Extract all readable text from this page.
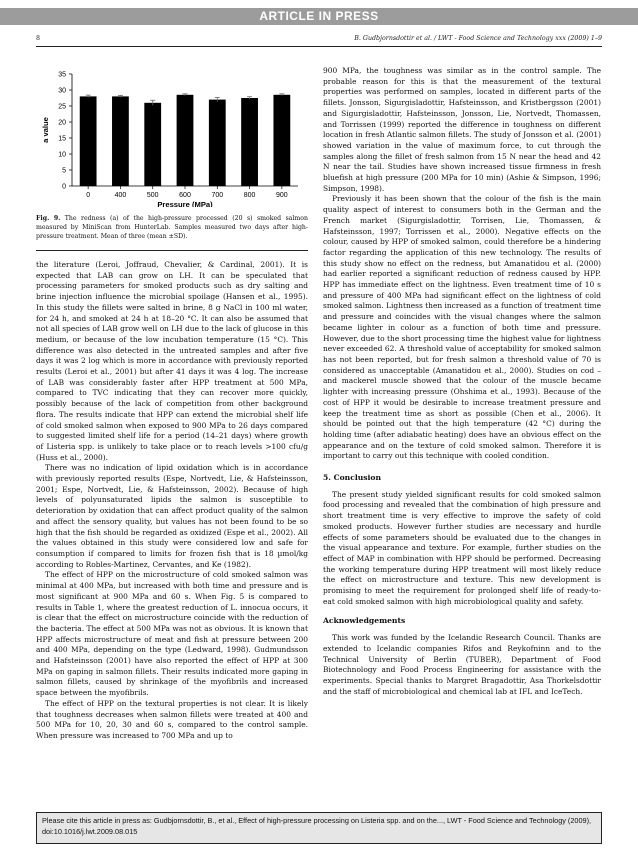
ARTICLE IN PRESS
8	B. Gudbjornsdottir et al. / LWT - Food Science and Technology xxx (2009) 1–9
0
5
10
15
20
25
30
35
0	400	500	600	700	800	900
Pressure (MPa)
a value
Fig. 9. The redness (a) of the high-pressure processed (20 s) smoked salmon measured by MiniScan from HunterLab. Samples measured two days after high-pressure treatment. Mean of three (mean ±SD).

the literature (Leroi, Joffraud, Chevalier, & Cardinal, 2001). It is expected that LAB can grow on LH. It can be speculated that processing parameters for smoked products such as dry salting and brine injection influence the microbial spoilage (Hansen et al., 1995). In this study the fillets were salted in brine, 8 g NaCl in 100 ml water, for 24 h, and smoked at 24 h at 18–20 °C. It can also be assumed that not all species of LAB grow well on LH due to the lack of glucose in this medium, or because of the low incubation temperature (15 °C). This difference was also detected in the untreated samples and after five days it was 2 log which is more in accordance with previously reported results (Leroi et al., 2001) but after 41 days it was 4 log. The increase of LAB was considerably faster after HPP treatment at 500 MPa, compared to TVC indicating that they can recover more quickly, possibly because of the lack of competition from other background flora. The results indicate that HPP can extend the microbial shelf life of cold smoked salmon when exposed to 900 MPa to 26 days compared to suggested limited shelf life for a period (14–21 days) where growth of Listeria spp. is unlikely to take place or to reach levels >100 cfu/g (Huss et al., 2000).

There was no indication of lipid oxidation which is in accordance with previously reported results (Espe, Nortvedt, Lie, & Hafsteinsson, 2001; Espe, Nortvedt, Lie, & Hafsteinsson, 2002). Because of high levels of polyunsaturated lipids the salmon is susceptible to deterioration by oxidation that can affect product quality of the salmon and affect the sensory quality, but values has not been found to be so high that the fish should be regarded as oxidized (Espe et al., 2002). All the values obtained in this study were considered low and safe for consumption if compared to limits for frozen fish that is 18 µmol/kg according to Robles-Martinez, Cervantes, and Ke (1982).

The effect of HPP on the microstructure of cold smoked salmon was minimal at 400 MPa, but increased with both time and pressure and is most significant at 900 MPa and 60 s. When Fig. 5 is compared to results in Table 1, where the greatest reduction of L. innocua occurs, it is clear that the effect on microstructure coincide with the reduction of the bacteria. The effect at 500 MPa was not as obvious. It is known that HPP affects microstructure of meat and fish at pressure between 200 and 400 MPa, depending on the type (Ledward, 1998). Gudmundsson and Hafsteinsson (2001) have also reported the effect of HPP at 300 MPa on gaping in salmon fillets. Their results indicated more gaping in salmon fillets, caused by shrinkage of the myofibrils and increased space between the myofibrils.

The effect of HPP on the textural properties is not clear. It is likely that toughness decreases when salmon fillets were treated at 400 and 500 MPa for 10, 20, 30 and 60 s, compared to the control sample. When pressure was increased to 700 MPa and up to

900 MPa, the toughness was similar as in the control sample. The probable reason for this is that the measurement of the textural properties was performed on samples, located in different parts of the fillets. Jonsson, Sigurgisladottir, Hafsteinsson, and Kristbergsson (2001) and Sigurgisladottir, Hafsteinsson, Jonsson, Lie, Nortvedt, Thomassen, and Torrissen (1999) reported the difference in toughness on different location in fresh Atlantic salmon fillets. The study of Jonsson et al. (2001) showed variation in the value of maximum force, to cut through the samples along the fillet of fresh salmon from 15 N near the head and 42 N near the tail. Studies have shown increased tissue firmness in fresh bluefish at high pressure (200 MPa for 10 min) (Ashie & Simpson, 1996; Simpson, 1998).

Previously it has been shown that the colour of the fish is the main quality aspect of interest to consumers both in the German and the French market (Sigurgisladottir, Torrisen, Lie, Thomassen, & Hafsteinsson, 1997; Torrissen et al., 2000). Negative effects on the colour, caused by HPP of smoked salmon, could therefore be a hindering factor regarding the application of this new technology. The results of this study show no effect on the redness, but Amanatidou et al. (2000) had earlier reported a significant reduction of redness caused by HPP. HPP has immediate effect on the lightness. Even treatment time of 10 s and pressure of 400 MPa had significant effect on the lightness of cold smoked salmon. Lightness then increased as a function of treatment time and pressure and coincides with the visual changes where the salmon became lighter in colour as a function of both time and pressure. However, due to the short processing time the highest value for lightness never exceeded 62. A threshold value of acceptability for smoked salmon has not been reported, but for fresh salmon a threshold value of 70 is considered as unacceptable (Amanatidou et al., 2000). Studies on cod – and mackerel muscle showed that the colour of the muscle became lighter with increasing pressure (Ohshima et al., 1993). Because of the cost of HPP it would be desirable to increase treatment pressure and keep the treatment time as short as possible (Chen et al., 2006). It should be pointed out that the high temperature (42 °C) during the holding time (after adiabatic heating) does have an obvious effect on the appearance and on the texture of cold smoked salmon. Therefore it is important to carry out this technique with cooled condition.

5. Conclusion

The present study yielded significant results for cold smoked salmon food processing and revealed that the combination of high pressure and short treatment time is very effective to improve the safety of cold smoked products. However further studies are necessary and hurdle effects of some parameters should be evaluated due to the changes in the visual appearance and texture. For example, further studies on the effect of MAP in combination with HPP should be performed. Decreasing the working temperature during HPP treatment will most likely reduce the effect on microstructure and texture. This new development is promising to meet the requirement for prolonged shelf life of ready-to-eat cold smoked salmon with high microbiological quality and safety.

Acknowledgements

This work was funded by the Icelandic Research Council. Thanks are extended to Icelandic companies Rifos and Reykofninn and to the Technical University of Berlin (TUBER), Department of Food Biotechnology and Food Process Engineering for assistance with the experiments. Special thanks to Margret Bragadottir, Asa Thorkelsdottir and the staff of microbiological and chemical lab at IFL and IceTech.

Please cite this article in press as: Gudbjornsdottir, B., et al., Effect of high-pressure processing on Listeria spp. and on the..., LWT - Food Science and Technology (2009), doi:10.1016/j.lwt.2009.08.015
